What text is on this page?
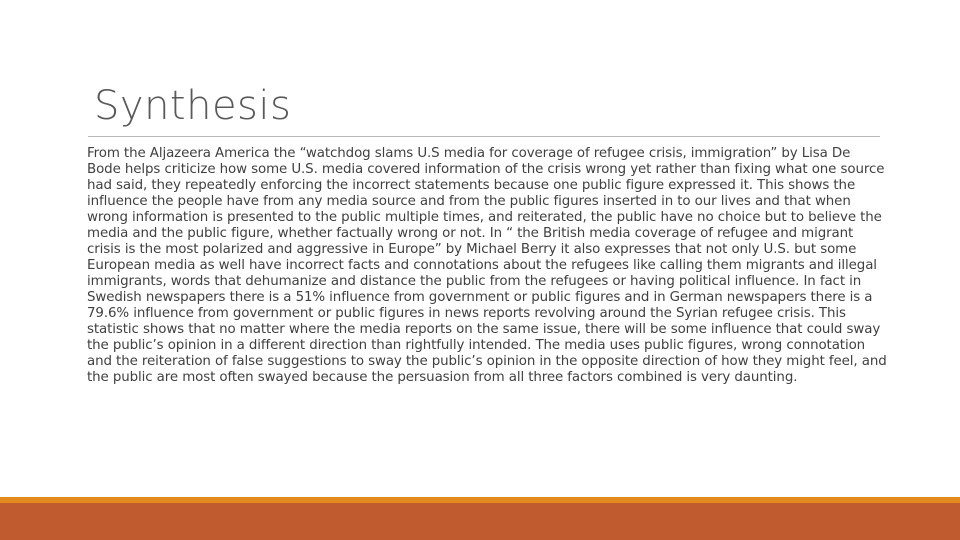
Synthesis

From the Aljazeera America the “watchdog slams U.S media for coverage of refugee crisis, immigration” by Lisa De Bode helps criticize how some U.S. media covered information of the crisis wrong yet rather than fixing what one source had said, they repeatedly enforcing the incorrect statements because one public figure expressed it. This shows the influence the people have from any media source and from the public figures inserted in to our lives and that when wrong information is presented to the public multiple times, and reiterated, the public have no choice but to believe the media and the public figure, whether factually wrong or not. In “ the British media coverage of refugee and migrant crisis is the most polarized and aggressive in Europe” by Michael Berry it also expresses that not only U.S. but some European media as well have incorrect facts and connotations about the refugees like calling them migrants and illegal immigrants, words that dehumanize and distance the public from the refugees or having political influence. In fact in Swedish newspapers there is a 51% influence from government or public figures and in German newspapers there is a 79.6% influence from government or public figures in news reports revolving around the Syrian refugee crisis. This statistic shows that no matter where the media reports on the same issue, there will be some influence that could sway the public’s opinion in a different direction than rightfully intended. The media uses public figures, wrong connotation and the reiteration of false suggestions to sway the public’s opinion in the opposite direction of how they might feel, and the public are most often swayed because the persuasion from all three factors combined is very daunting.
